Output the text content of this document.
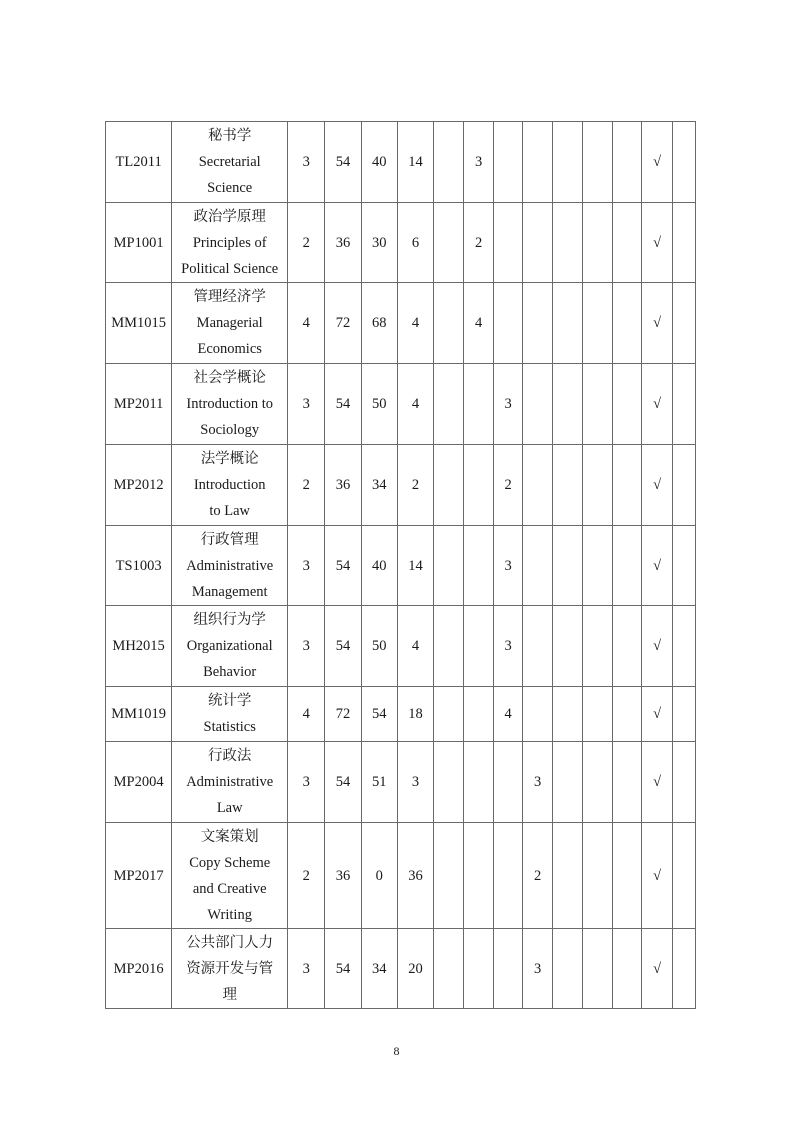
TL2011	秘书学
Secretarial
Science	3	54	40	14		3						√	
MP1001	政治学原理
Principles of
Political Science	2	36	30	6		2						√	
MM1015	管理经济学
Managerial
Economics	4	72	68	4		4						√	
MP2011	社会学概论
Introduction to
Sociology	3	54	50	4			3					√	
MP2012	法学概论
Introduction
to Law	2	36	34	2			2					√	
TS1003	行政管理
Administrative
Management	3	54	40	14			3					√	
MH2015	组织行为学
Organizational
Behavior	3	54	50	4			3					√	
MM1019	统计学
Statistics	4	72	54	18			4					√	
MP2004	行政法
Administrative
Law	3	54	51	3				3				√	
MP2017	文案策划
Copy Scheme
and Creative
Writing	2	36	0	36				2				√	
MP2016	公共部门人力
资源开发与管
理	3	54	34	20				3				√	
8
